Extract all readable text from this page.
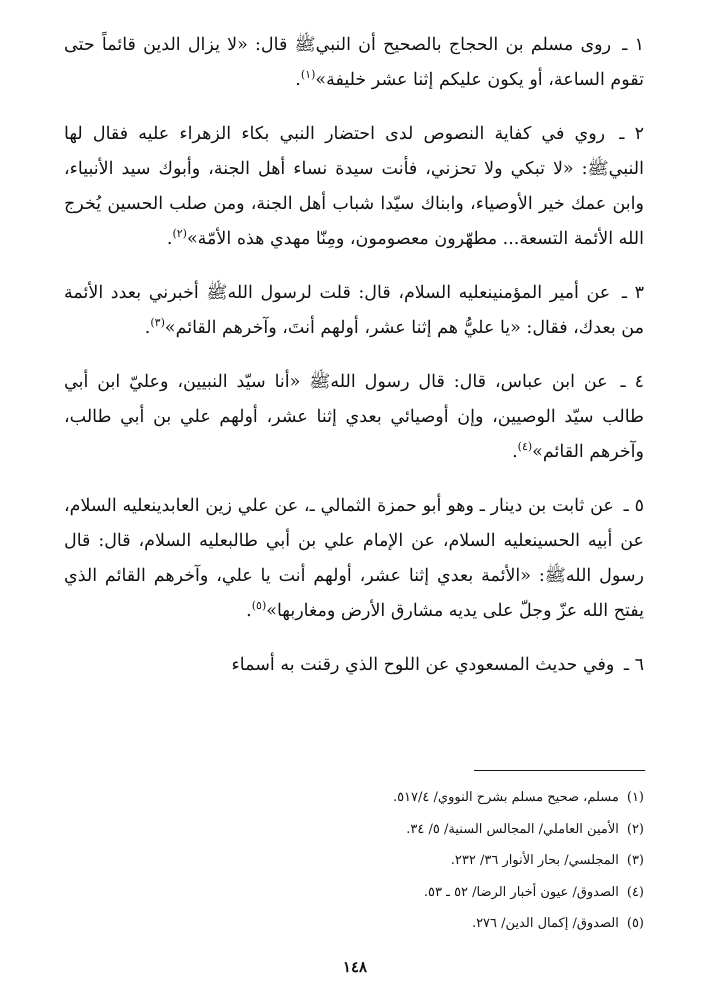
١ ـ روى مسلم بن الحجاج بالصحيح أن النبيﷺ قال: «لا يزال الدين قائماً حتى تقوم الساعة، أو يكون عليكم إثنا عشر خليفة»$^{(١)}$.

٢ ـ روي في كفاية النصوص لدى احتضار النبي بكاء الزهراء عليه فقال لها النبيﷺ: «لا تبكي ولا تحزني، فأنت سيدة نساء أهل الجنة، وأبوك سيد الأنبياء، وابن عمك خير الأوصياء، وابناك سيّدا شباب أهل الجنة، ومن صلب الحسين يُخرج الله الأئمة التسعة... مطهّرون معصومون، ومِنّا مهدي هذه الأمّة»$^{(٢)}$.

٣ ـ عن أمير المؤمنينعليه السلام، قال: قلت لرسول اللهﷺ أخبرني بعدد الأئمة من بعدك، فقال: «يا عليُّ هم إثنا عشر، أولهم أنتَ، وآخرهم القائم»$^{(٣)}$.

٤ ـ عن ابن عباس، قال: قال رسول اللهﷺ «أنا سيّد النبيين، وعليّ ابن أبي طالب سيّد الوصيين، وإن أوصيائي بعدي إثنا عشر، أولهم علي بن أبي طالب، وآخرهم القائم»$^{(٤)}$.

٥ ـ عن ثابت بن دينار ـ وهو أبو حمزة الثمالي ـ، عن علي زين العابدينعليه السلام، عن أبيه الحسينعليه السلام، عن الإمام علي بن أبي طالبعليه السلام، قال: قال رسول اللهﷺ: «الأئمة بعدي إثنا عشر، أولهم أنت يا علي، وآخرهم القائم الذي يفتح الله عزّ وجلّ على يديه مشارق الأرض ومغاربها»$^{(٥)}$.

٦ ـ وفي حديث المسعودي عن اللوح الذي رقنت به أسماء

(١)مسلم، صحيح مسلم بشرح النووي/ ٥١٧/٤.
(٢)الأمين العاملي/ المجالس السنية/ ٥/ ٣٤.
(٣)المجلسي/ بحار الأنوار ٣٦/ ٢٣٢.
(٤)الصدوق/ عيون أخبار الرضا/ ٥٢ ـ ٥٣.
(٥)الصدوق/ إكمال الدين/ ٢٧٦.
١٤٨
